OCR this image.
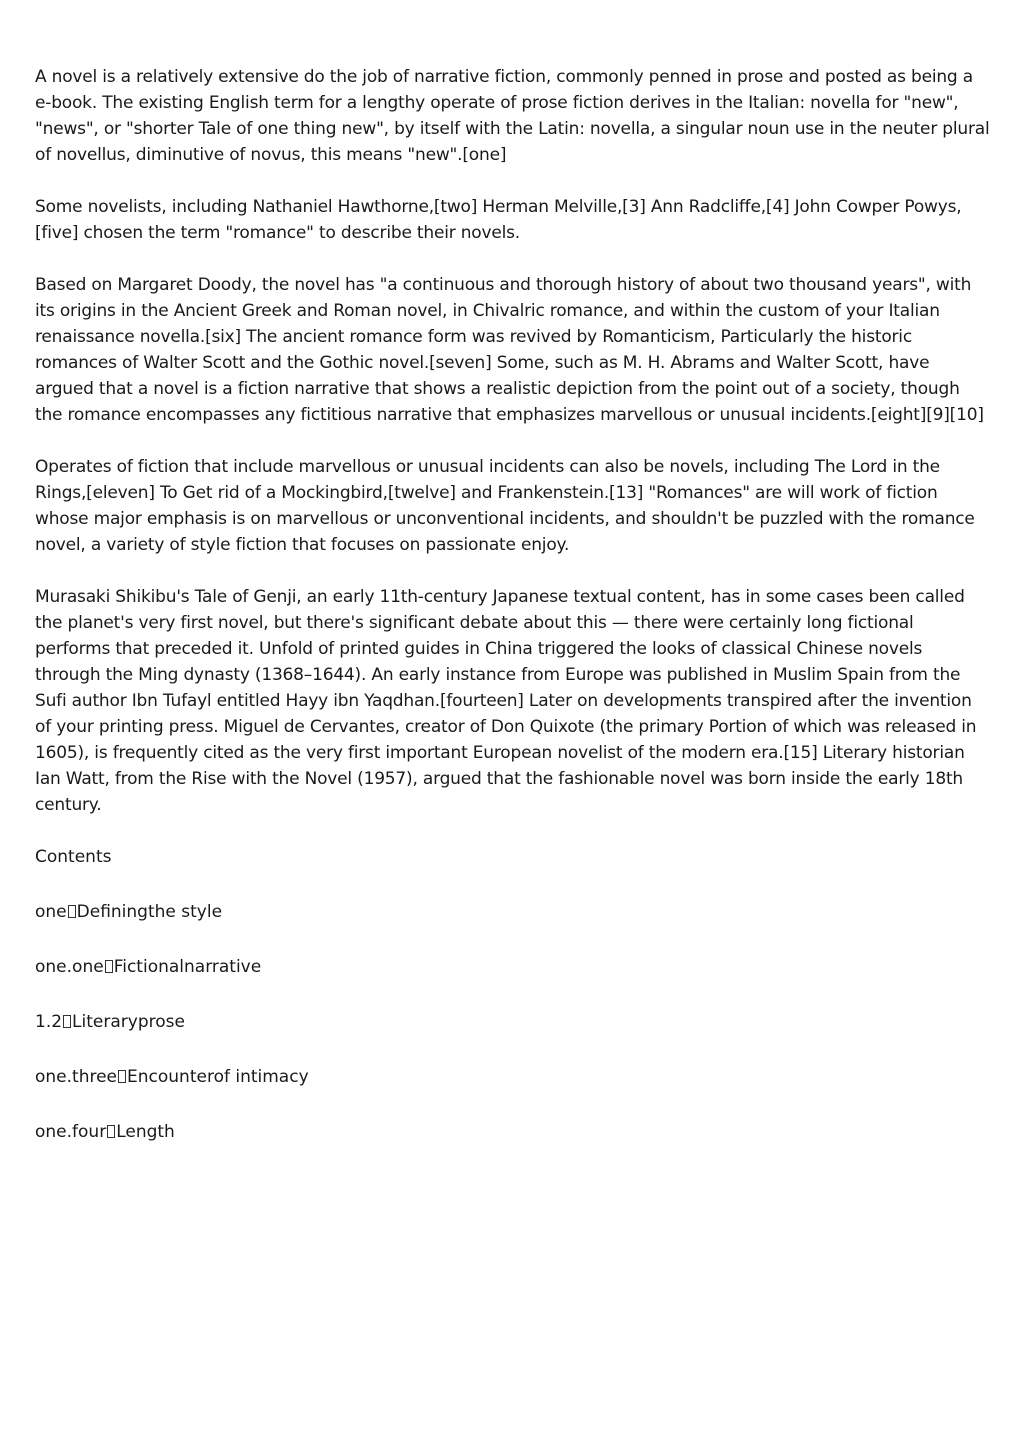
A novel is a relatively extensive do the job of narrative fiction, commonly penned in prose and posted as being a e-book. The existing English term for a lengthy operate of prose fiction derives in the Italian: novella for "new", "news", or "shorter Tale of one thing new", by itself with the Latin: novella, a singular noun use in the neuter plural of novellus, diminutive of novus, this means "new".[one]

Some novelists, including Nathaniel Hawthorne,[two] Herman Melville,[3] Ann Radcliffe,[4] John Cowper Powys,[five] chosen the term "romance" to describe their novels.

Based on Margaret Doody, the novel has "a continuous and thorough history of about two thousand years", with its origins in the Ancient Greek and Roman novel, in Chivalric romance, and within the custom of your Italian renaissance novella.[six] The ancient romance form was revived by Romanticism, Particularly the historic romances of Walter Scott and the Gothic novel.[seven] Some, such as M. H. Abrams and Walter Scott, have argued that a novel is a fiction narrative that shows a realistic depiction from the point out of a society, though the romance encompasses any fictitious narrative that emphasizes marvellous or unusual incidents.[eight][9][10]

Operates of fiction that include marvellous or unusual incidents can also be novels, including The Lord in the Rings,[eleven] To Get rid of a Mockingbird,[twelve] and Frankenstein.[13] "Romances" are will work of fiction whose major emphasis is on marvellous or unconventional incidents, and shouldn't be puzzled with the romance novel, a variety of style fiction that focuses on passionate enjoy.

Murasaki Shikibu's Tale of Genji, an early 11th-century Japanese textual content, has in some cases been called the planet's very first novel, but there's significant debate about this — there were certainly long fictional performs that preceded it. Unfold of printed guides in China triggered the looks of classical Chinese novels through the Ming dynasty (1368–1644). An early instance from Europe was published in Muslim Spain from the Sufi author Ibn Tufayl entitled Hayy ibn Yaqdhan.[fourteen] Later on developments transpired after the invention of your printing press. Miguel de Cervantes, creator of Don Quixote (the primary Portion of which was released in 1605), is frequently cited as the very first important European novelist of the modern era.[15] Literary historian Ian Watt, from the Rise with the Novel (1957), argued that the fashionable novel was born inside the early 18th century.

Contents

one Definingthe style

one.one Fictionalnarrative

1.2 Literaryprose

one.three Encounterof intimacy

one.four Length
